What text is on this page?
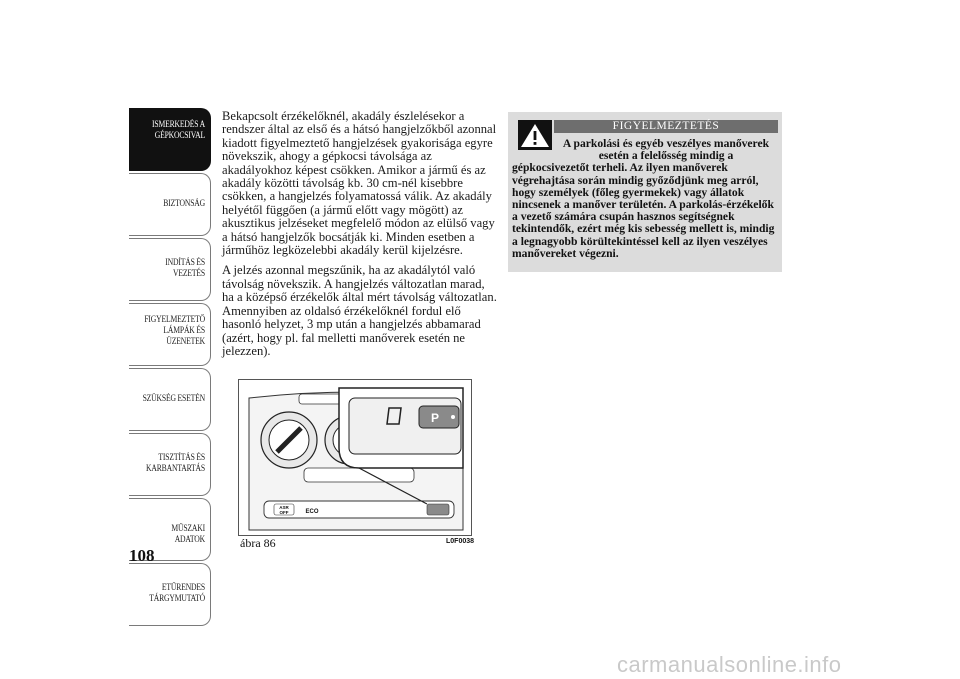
ISMERKEDÉS A
GÉPKOCSIVAL
BIZTONSÁG
INDÍTÁS ÉS
VEZETÉS
FIGYELMEZTETŐ
LÁMPÁK ÉS
ÜZENETEK
SZÜKSÉG ESETÉN
TISZTÍTÁS ÉS
KARBANTARTÁS
MŰSZAKI ADATOK
ETŰRENDES
TÁRGYMUTATÓ
108

Bekapcsolt érzékelőknél, akadály észlelésekor a rendszer által az első és a hátsó hangjelzőkből azonnal kiadott figyelmeztető hangjelzések gyakorisága egyre növekszik, ahogy a gépkocsi távolsága az akadályokhoz képest csökken. Amikor a jármű és az akadály közötti távolság kb. 30 cm-nél kisebbre csökken, a hangjelzés folyamatossá válik. Az akadály helyétől függően (a jármű előtt vagy mögött) az akusztikus jelzéseket megfelelő módon az elülső vagy a hátsó hangjelzők bocsátják ki. Minden esetben a járműhöz legközelebbi akadály kerül kijelzésre.

A jelzés azonnal megszűnik, ha az akadálytól való távolság növekszik. A hangjelzés változatlan marad, ha a középső érzékelők által mért távolság változatlan. Amennyiben az oldalsó érzékelőknél fordul elő hasonló helyzet, 3 mp után a hangjelzés abbamarad (azért, hogy pl. fal melletti manőverek esetén ne jelezzen).

FIGYELMEZTETÉS
A parkolási és egyéb veszélyes manőverek esetén a felelősség mindig a
gépkocsivezetőt terheli. Az ilyen manőverek végrehajtása során mindig győződjünk meg arról, hogy személyek (főleg gyermekek) vagy állatok nincsenek a manőver területén. A parkolás-érzékelők a vezető számára csupán hasznos segítségnek tekintendők, ezért még kis sebesség mellett is, mindig a legnagyobb körültekintéssel kell az ilyen veszélyes manővereket végezni.
ASR
OFF	ECO
P
ábra 86	L0F0038
carmanualsonline.info
